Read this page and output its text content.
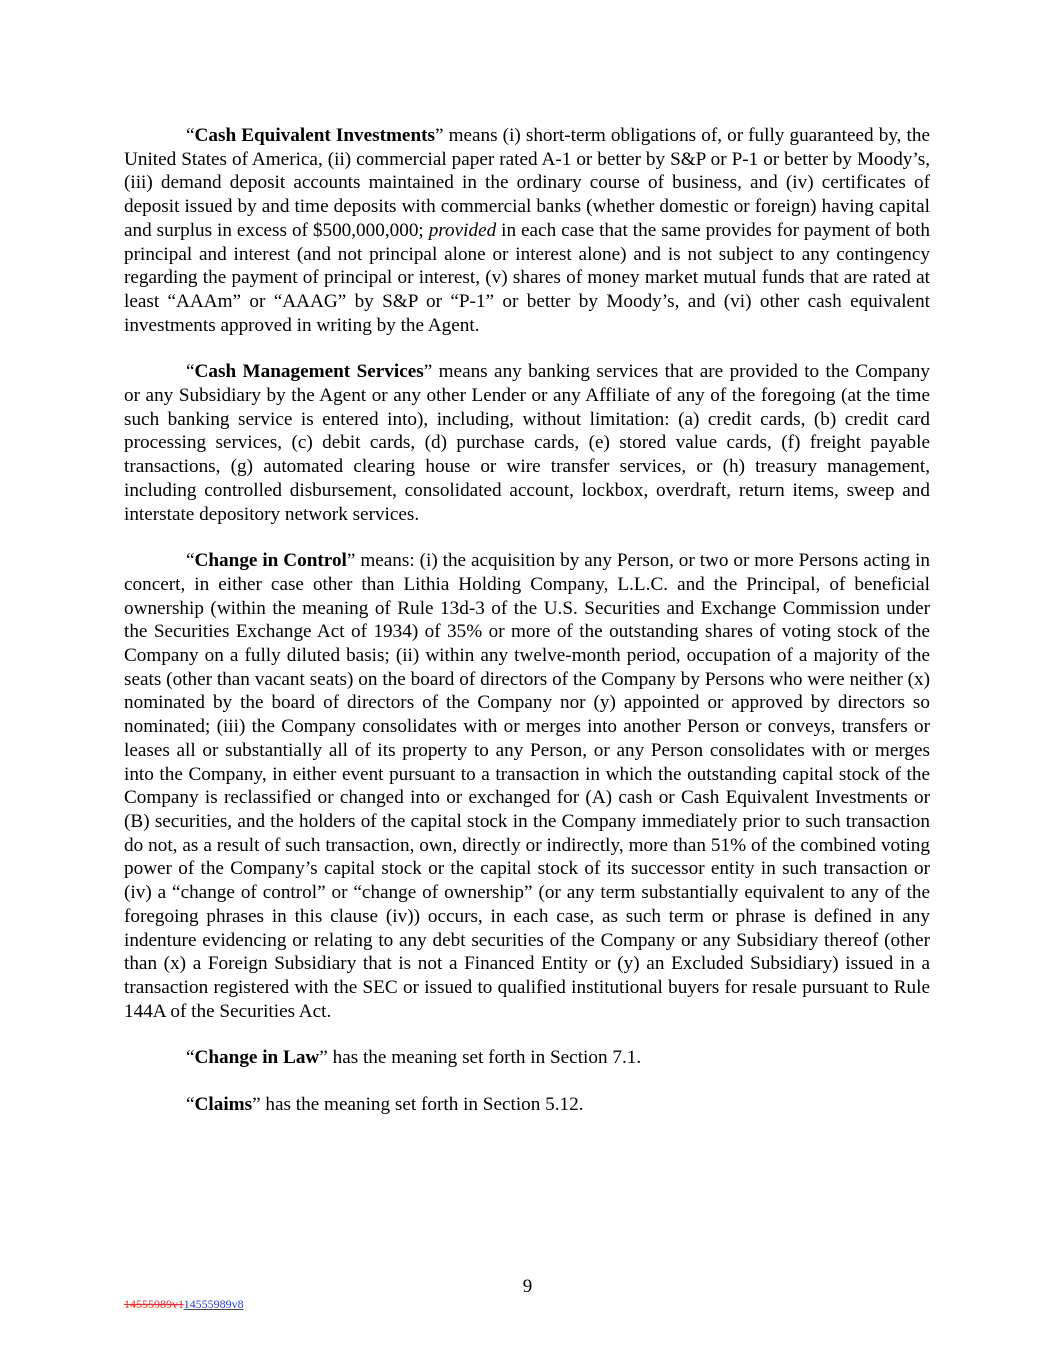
“Cash Equivalent Investments” means (i) short-term obligations of, or fully guaranteed by, the United States of America, (ii) commercial paper rated A-1 or better by S&P or P-1 or better by Moody’s, (iii) demand deposit accounts maintained in the ordinary course of business, and (iv) certificates of deposit issued by and time deposits with commercial banks (whether domestic or foreign) having capital and surplus in excess of $500,000,000; provided in each case that the same provides for payment of both principal and interest (and not principal alone or interest alone) and is not subject to any contingency regarding the payment of principal or interest, (v) shares of money market mutual funds that are rated at least “AAAm” or “AAAG” by S&P or “P-1” or better by Moody’s, and (vi) other cash equivalent investments approved in writing by the Agent.

“Cash Management Services” means any banking services that are provided to the Company or any Subsidiary by the Agent or any other Lender or any Affiliate of any of the foregoing (at the time such banking service is entered into), including, without limitation: (a) credit cards, (b) credit card processing services, (c) debit cards, (d) purchase cards, (e) stored value cards, (f) freight payable transactions, (g) automated clearing house or wire transfer services, or (h) treasury management, including controlled disbursement, consolidated account, lockbox, overdraft, return items, sweep and interstate depository network services.

“Change in Control” means: (i) the acquisition by any Person, or two or more Persons acting in concert, in either case other than Lithia Holding Company, L.L.C. and the Principal, of beneficial ownership (within the meaning of Rule 13d-3 of the U.S. Securities and Exchange Commission under the Securities Exchange Act of 1934) of 35% or more of the outstanding shares of voting stock of the Company on a fully diluted basis; (ii) within any twelve-month period, occupation of a majority of the seats (other than vacant seats) on the board of directors of the Company by Persons who were neither (x) nominated by the board of directors of the Company nor (y) appointed or approved by directors so nominated; (iii) the Company consolidates with or merges into another Person or conveys, transfers or leases all or substantially all of its property to any Person, or any Person consolidates with or merges into the Company, in either event pursuant to a transaction in which the outstanding capital stock of the Company is reclassified or changed into or exchanged for (A) cash or Cash Equivalent Investments or (B) securities, and the holders of the capital stock in the Company immediately prior to such transaction do not, as a result of such transaction, own, directly or indirectly, more than 51% of the combined voting power of the Company’s capital stock or the capital stock of its successor entity in such transaction or (iv) a “change of control” or “change of ownership” (or any term substantially equivalent to any of the foregoing phrases in this clause (iv)) occurs, in each case, as such term or phrase is defined in any indenture evidencing or relating to any debt securities of the Company or any Subsidiary thereof (other than (x) a Foreign Subsidiary that is not a Financed Entity or (y) an Excluded Subsidiary) issued in a transaction registered with the SEC or issued to qualified institutional buyers for resale pursuant to Rule 144A of the Securities Act.

“Change in Law” has the meaning set forth in Section 7.1.

“Claims” has the meaning set forth in Section 5.12.

9
14555989v114555989v8
